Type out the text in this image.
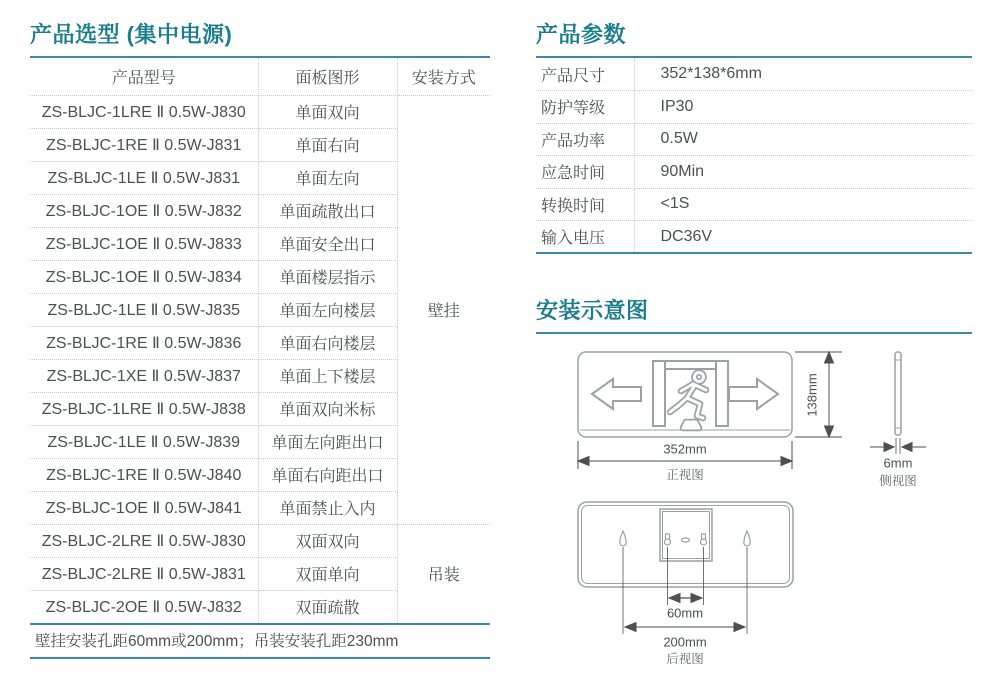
产品选型 (集中电源)
产品型号	面板图形	安装方式
ZS-BLJC-1LRE Ⅱ 0.5W-J830	单面双向	壁挂
ZS-BLJC-1RE Ⅱ 0.5W-J831	单面右向	
ZS-BLJC-1LE Ⅱ 0.5W-J831	单面左向	
ZS-BLJC-1OE Ⅱ 0.5W-J832	单面疏散出口	
ZS-BLJC-1OE Ⅱ 0.5W-J833	单面安全出口	
ZS-BLJC-1OE Ⅱ 0.5W-J834	单面楼层指示	
ZS-BLJC-1LE Ⅱ 0.5W-J835	单面左向楼层	
ZS-BLJC-1RE Ⅱ 0.5W-J836	单面右向楼层	
ZS-BLJC-1XE Ⅱ 0.5W-J837	单面上下楼层	
ZS-BLJC-1LRE Ⅱ 0.5W-J838	单面双向米标	
ZS-BLJC-1LE Ⅱ 0.5W-J839	单面左向距出口	
ZS-BLJC-1RE Ⅱ 0.5W-J840	单面右向距出口	
ZS-BLJC-1OE Ⅱ 0.5W-J841	单面禁止入内	
ZS-BLJC-2LRE Ⅱ 0.5W-J830	双面双向	吊装
ZS-BLJC-2LRE Ⅱ 0.5W-J831	双面单向	
ZS-BLJC-2OE Ⅱ 0.5W-J832	双面疏散	
壁挂安装孔距60mm或200mm；吊装安装孔距230mm
产品参数
产品尺寸	352*138*6mm
防护等级	IP30
产品功率	0.5W
应急时间	90Min
转换时间	<1S
输入电压	DC36V
安装示意图
138mm
352mm
正视图
6mm
侧视图
60mm
200mm
后视图
